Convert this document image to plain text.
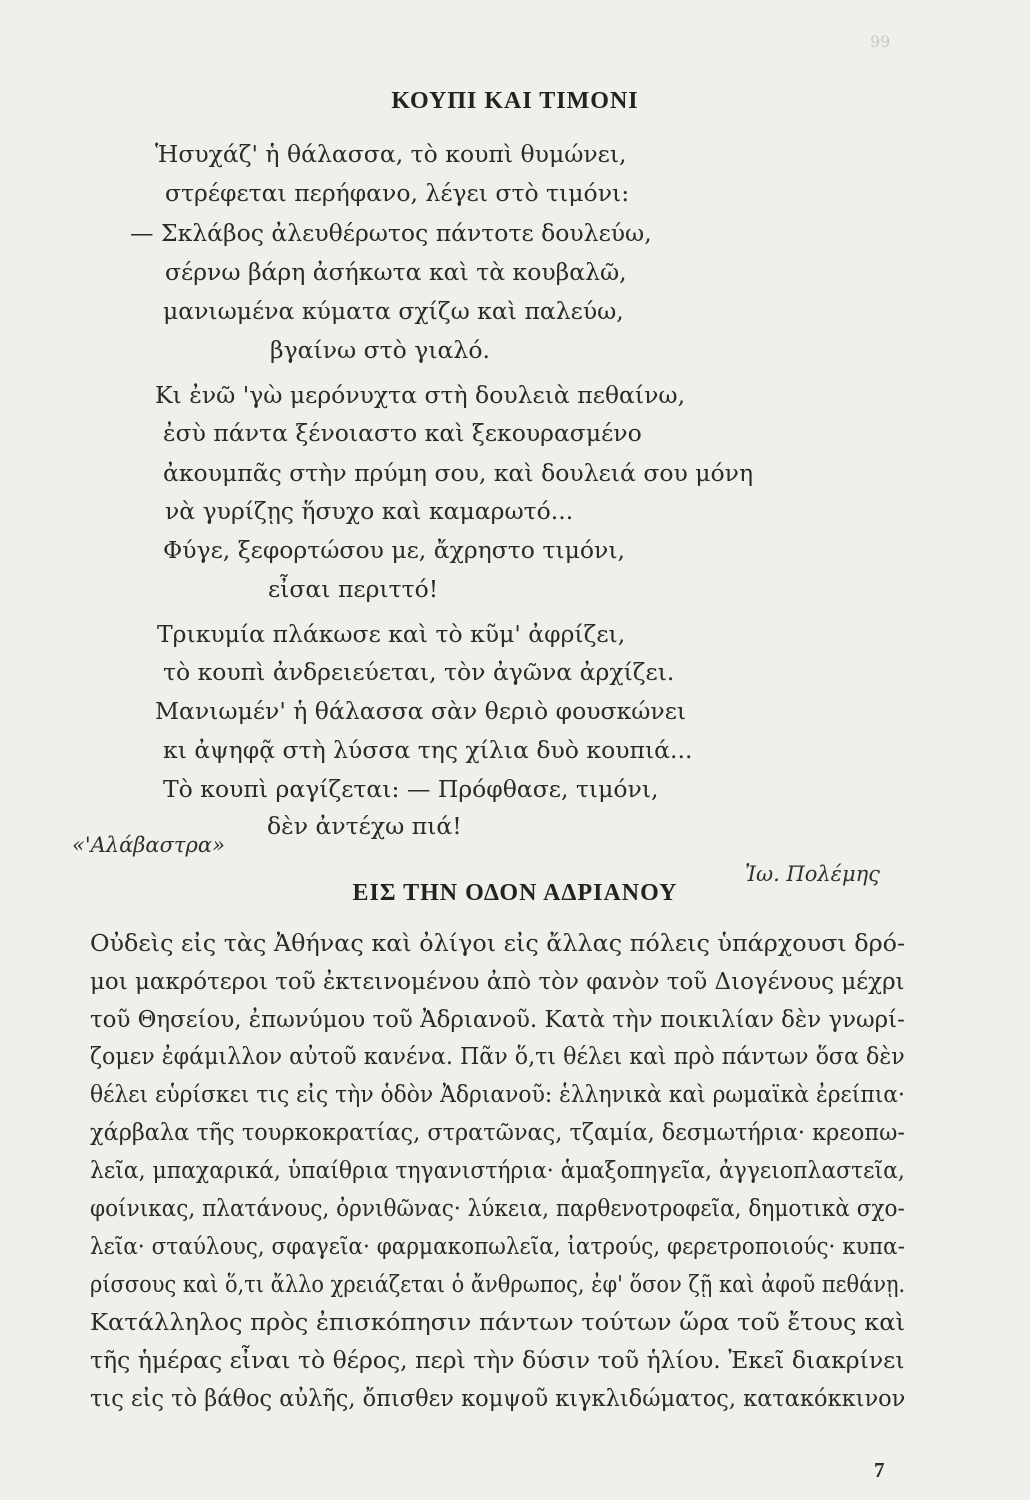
99
ΚΟΥΠΙ ΚΑΙ ΤΙΜΟΝΙ
Ἡσυχάζ' ἡ θάλασσα, τὸ κουπὶ θυμώνει,
στρέφεται περήφανο, λέγει στὸ τιμόνι:
— Σκλάβος ἀλευθέρωτος πάντοτε δουλεύω,
σέρνω βάρη ἀσήκωτα καὶ τὰ κουβαλῶ,
μανιωμένα κύματα σχίζω καὶ παλεύω,
βγαίνω στὸ γιαλό.
Κι ἐνῶ 'γὼ μερόνυχτα στὴ δουλειὰ πεθαίνω,
ἐσὺ πάντα ξένοιαστο καὶ ξεκουρασμένο
ἀκουμπᾶς στὴν πρύμη σου, καὶ δουλειά σου μόνη
νὰ γυρίζῃς ἥσυχο καὶ καμαρωτό...
Φύγε, ξεφορτώσου με, ἄχρηστο τιμόνι,
εἶσαι περιττό!
Τρικυμία πλάκωσε καὶ τὸ κῦμ' ἀφρίζει,
τὸ κουπὶ ἀνδρειεύεται, τὸν ἀγῶνα ἀρχίζει.
Μανιωμέν' ἡ θάλασσα σὰν θεριὸ φουσκώνει
κι ἀψηφᾷ στὴ λύσσα της χίλια δυὸ κουπιά...
Τὸ κουπὶ ραγίζεται: — Πρόφθασε, τιμόνι,
δὲν ἀντέχω πιά!
«'Αλάβαστρα»
Ἰω. Πολέμης
ΕΙΣ ΤΗΝ ΟΔΟΝ ΑΔΡΙΑΝΟΥ
Οὐδεὶς εἰς τὰς Ἀθήνας καὶ ὀλίγοι εἰς ἄλλας πόλεις ὑπάρχουσι δρό-
μοι μακρότεροι τοῦ ἐκτεινομένου ἀπὸ τὸν φανὸν τοῦ Διογένους μέχρι
τοῦ Θησείου, ἐπωνύμου τοῦ Ἀδριανοῦ. Κατὰ τὴν ποικιλίαν δὲν γνωρί-
ζομεν ἐφάμιλλον αὐτοῦ κανένα. Πᾶν ὅ,τι θέλει καὶ πρὸ πάντων ὅσα δὲν
θέλει εὑρίσκει τις εἰς τὴν ὁδὸν Ἀδριανοῦ: ἑλληνικὰ καὶ ρωμαϊκὰ ἐρείπια·
χάρβαλα τῆς τουρκοκρατίας, στρατῶνας, τζαμία, δεσμωτήρια· κρεοπω-
λεῖα, μπαχαρικά, ὑπαίθρια τηγανιστήρια· ἁμαξοπηγεῖα, ἀγγειοπλαστεῖα,
φοίνικας, πλατάνους, ὀρνιθῶνας· λύκεια, παρθενοτροφεῖα, δημοτικὰ σχο-
λεῖα· σταύλους, σφαγεῖα· φαρμακοπωλεῖα, ἰατρούς, φερετροποιούς· κυπα-
ρίσσους καὶ ὅ,τι ἄλλο χρειάζεται ὁ ἄνθρωπος, ἐφ' ὅσον ζῇ καὶ ἀφοῦ πεθάνῃ.
Κατάλληλος πρὸς ἐπισκόπησιν πάντων τούτων ὥρα τοῦ ἔτους καὶ
τῆς ἡμέρας εἶναι τὸ θέρος, περὶ τὴν δύσιν τοῦ ἡλίου. Ἐκεῖ διακρίνει
τις εἰς τὸ βάθος αὐλῆς, ὄπισθεν κομψοῦ κιγκλιδώματος, κατακόκκινον
7
